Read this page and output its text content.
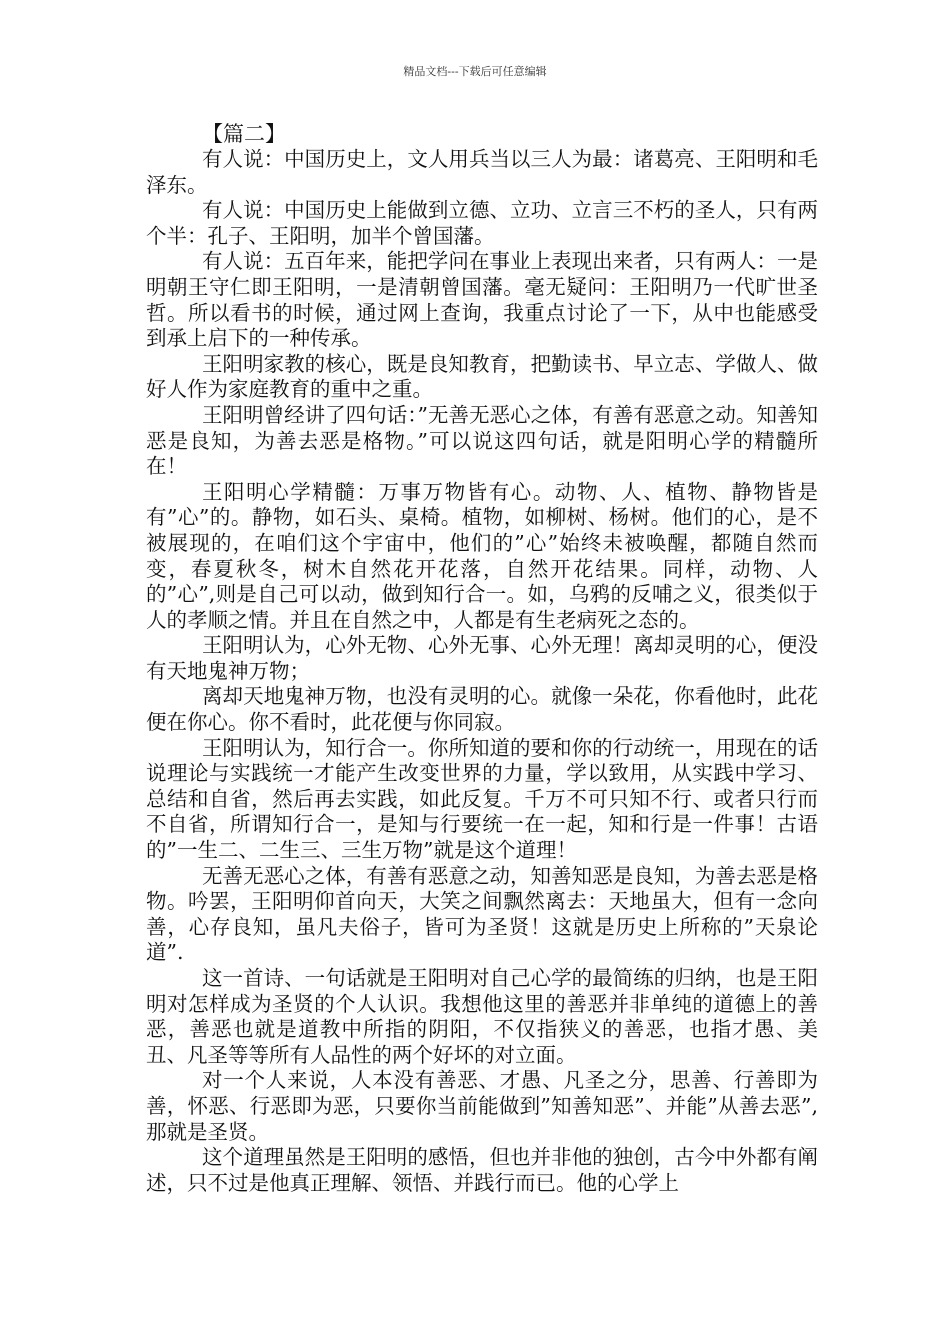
精品文档---下载后可任意编辑

【篇二】

有人说：中国历史上，文人用兵当以三人为最：诸葛亮、王阳明和毛泽东。

有人说：中国历史上能做到立德、立功、立言三不朽的圣人，只有两个半：孔子、王阳明，加半个曾国藩。

有人说：五百年来，能把学问在事业上表现出来者，只有两人：一是明朝王守仁即王阳明，一是清朝曾国藩。毫无疑问：王阳明乃一代旷世圣哲。所以看书的时候，通过网上查询，我重点讨论了一下，从中也能感受到承上启下的一种传承。

王阳明家教的核心，既是良知教育，把勤读书、早立志、学做人、做好人作为家庭教育的重中之重。

王阳明曾经讲了四句话：”无善无恶心之体，有善有恶意之动。知善知恶是良知，为善去恶是格物。”可以说这四句话，就是阳明心学的精髓所在！

王阳明心学精髓：万事万物皆有心。动物、人、植物、静物皆是有”心”的。静物，如石头、桌椅。植物，如柳树、杨树。他们的心，是不被展现的，在咱们这个宇宙中，他们的”心”始终未被唤醒，都随自然而变，春夏秋冬，树木自然花开花落，自然开花结果。同样，动物、人的”心”,则是自己可以动，做到知行合一。如，乌鸦的反哺之义，很类似于人的孝顺之情。并且在自然之中，人都是有生老病死之态的。

王阳明认为，心外无物、心外无事、心外无理！离却灵明的心，便没有天地鬼神万物；

离却天地鬼神万物，也没有灵明的心。就像一朵花，你看他时，此花便在你心。你不看时，此花便与你同寂。

王阳明认为，知行合一。你所知道的要和你的行动统一，用现在的话说理论与实践统一才能产生改变世界的力量，学以致用，从实践中学习、总结和自省，然后再去实践，如此反复。千万不可只知不行、或者只行而不自省，所谓知行合一，是知与行要统一在一起，知和行是一件事！古语的”一生二、二生三、三生万物”就是这个道理！

无善无恶心之体，有善有恶意之动，知善知恶是良知，为善去恶是格物。吟罢，王阳明仰首向天，大笑之间飘然离去：天地虽大，但有一念向善，心存良知，虽凡夫俗子，皆可为圣贤！这就是历史上所称的”天泉论道”.

这一首诗、一句话就是王阳明对自己心学的最简练的归纳，也是王阳明对怎样成为圣贤的个人认识。我想他这里的善恶并非单纯的道德上的善恶，善恶也就是道教中所指的阴阳，不仅指狭义的善恶，也指才愚、美丑、凡圣等等所有人品性的两个好坏的对立面。

对一个人来说，人本没有善恶、才愚、凡圣之分，思善、行善即为善，怀恶、行恶即为恶，只要你当前能做到”知善知恶”、并能”从善去恶”,那就是圣贤。

这个道理虽然是王阳明的感悟，但也并非他的独创，古今中外都有阐述，只不过是他真正理解、领悟、并践行而已。他的心学上
